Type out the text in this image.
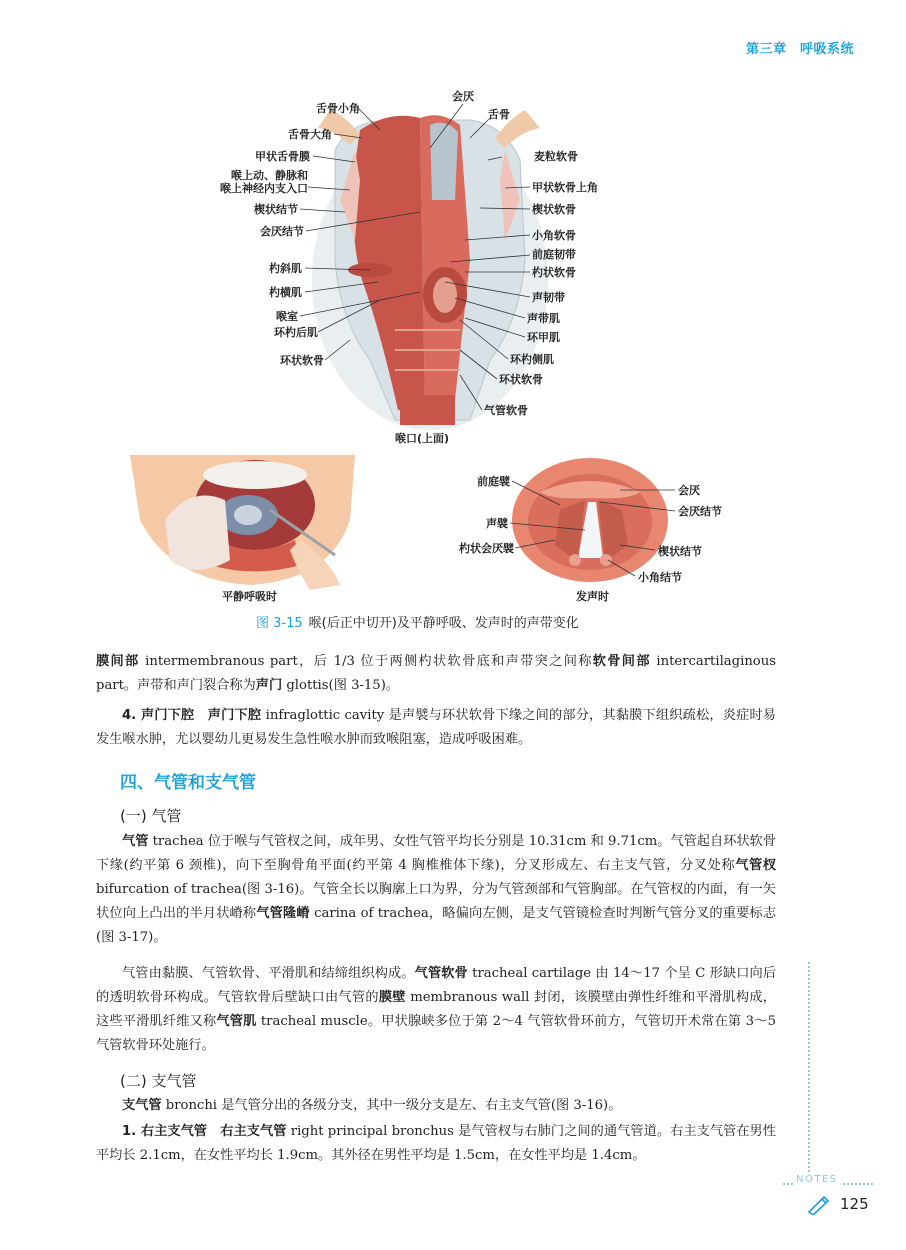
第三章　呼吸系统
舌骨小角
舌骨大角
甲状舌骨膜
喉上动、静脉和
喉上神经内支入口
楔状结节
会厌结节
杓斜肌
杓横肌
喉室
环杓后肌
环状软骨
会厌
舌骨
麦粒软骨
甲状软骨上角
楔状软骨
小角软骨
前庭韧带
杓状软骨
声韧带
声带肌
环甲肌
环杓侧肌
环状软骨
气管软骨
喉口(上面)
平静呼吸时
前庭襞
声襞
杓状会厌襞
会厌
会厌结节
楔状结节
小角结节
发声时
图 3-15 喉(后正中切开)及平静呼吸、发声时的声带变化
膜间部 intermembranous part，后 1/3 位于两侧杓状软骨底和声带突之间称软骨间部 intercartilaginous part。声带和声门裂合称为声门 glottis(图 3-15)。
4. 声门下腔　声门下腔 infraglottic cavity 是声襞与环状软骨下缘之间的部分，其黏膜下组织疏松，炎症时易发生喉水肿，尤以婴幼儿更易发生急性喉水肿而致喉阻塞，造成呼吸困难。
四、气管和支气管
(一) 气管
气管 trachea 位于喉与气管杈之间，成年男、女性气管平均长分别是 10.31cm 和 9.71cm。气管起自环状软骨下缘(约平第 6 颈椎)，向下至胸骨角平面(约平第 4 胸椎椎体下缘)，分叉形成左、右主支气管，分叉处称气管杈 bifurcation of trachea(图 3-16)。气管全长以胸廓上口为界，分为气管颈部和气管胸部。在气管杈的内面，有一矢状位向上凸出的半月状嵴称气管隆嵴 carina of trachea，略偏向左侧，是支气管镜检查时判断气管分叉的重要标志(图 3-17)。
气管由黏膜、气管软骨、平滑肌和结缔组织构成。气管软骨 tracheal cartilage 由 14～17 个呈 C 形缺口向后的透明软骨环构成。气管软骨后壁缺口由气管的膜壁 membranous wall 封闭，该膜壁由弹性纤维和平滑肌构成，这些平滑肌纤维又称气管肌 tracheal muscle。甲状腺峡多位于第 2～4 气管软骨环前方，气管切开术常在第 3～5 气管软骨环处施行。
(二) 支气管
支气管 bronchi 是气管分出的各级分支，其中一级分支是左、右主支气管(图 3-16)。
1. 右主支气管　右主支气管 right principal bronchus 是气管杈与右肺门之间的通气管道。右主支气管在男性平均长 2.1cm，在女性平均长 1.9cm。其外径在男性平均是 1.5cm，在女性平均是 1.4cm。
NOTES
125
